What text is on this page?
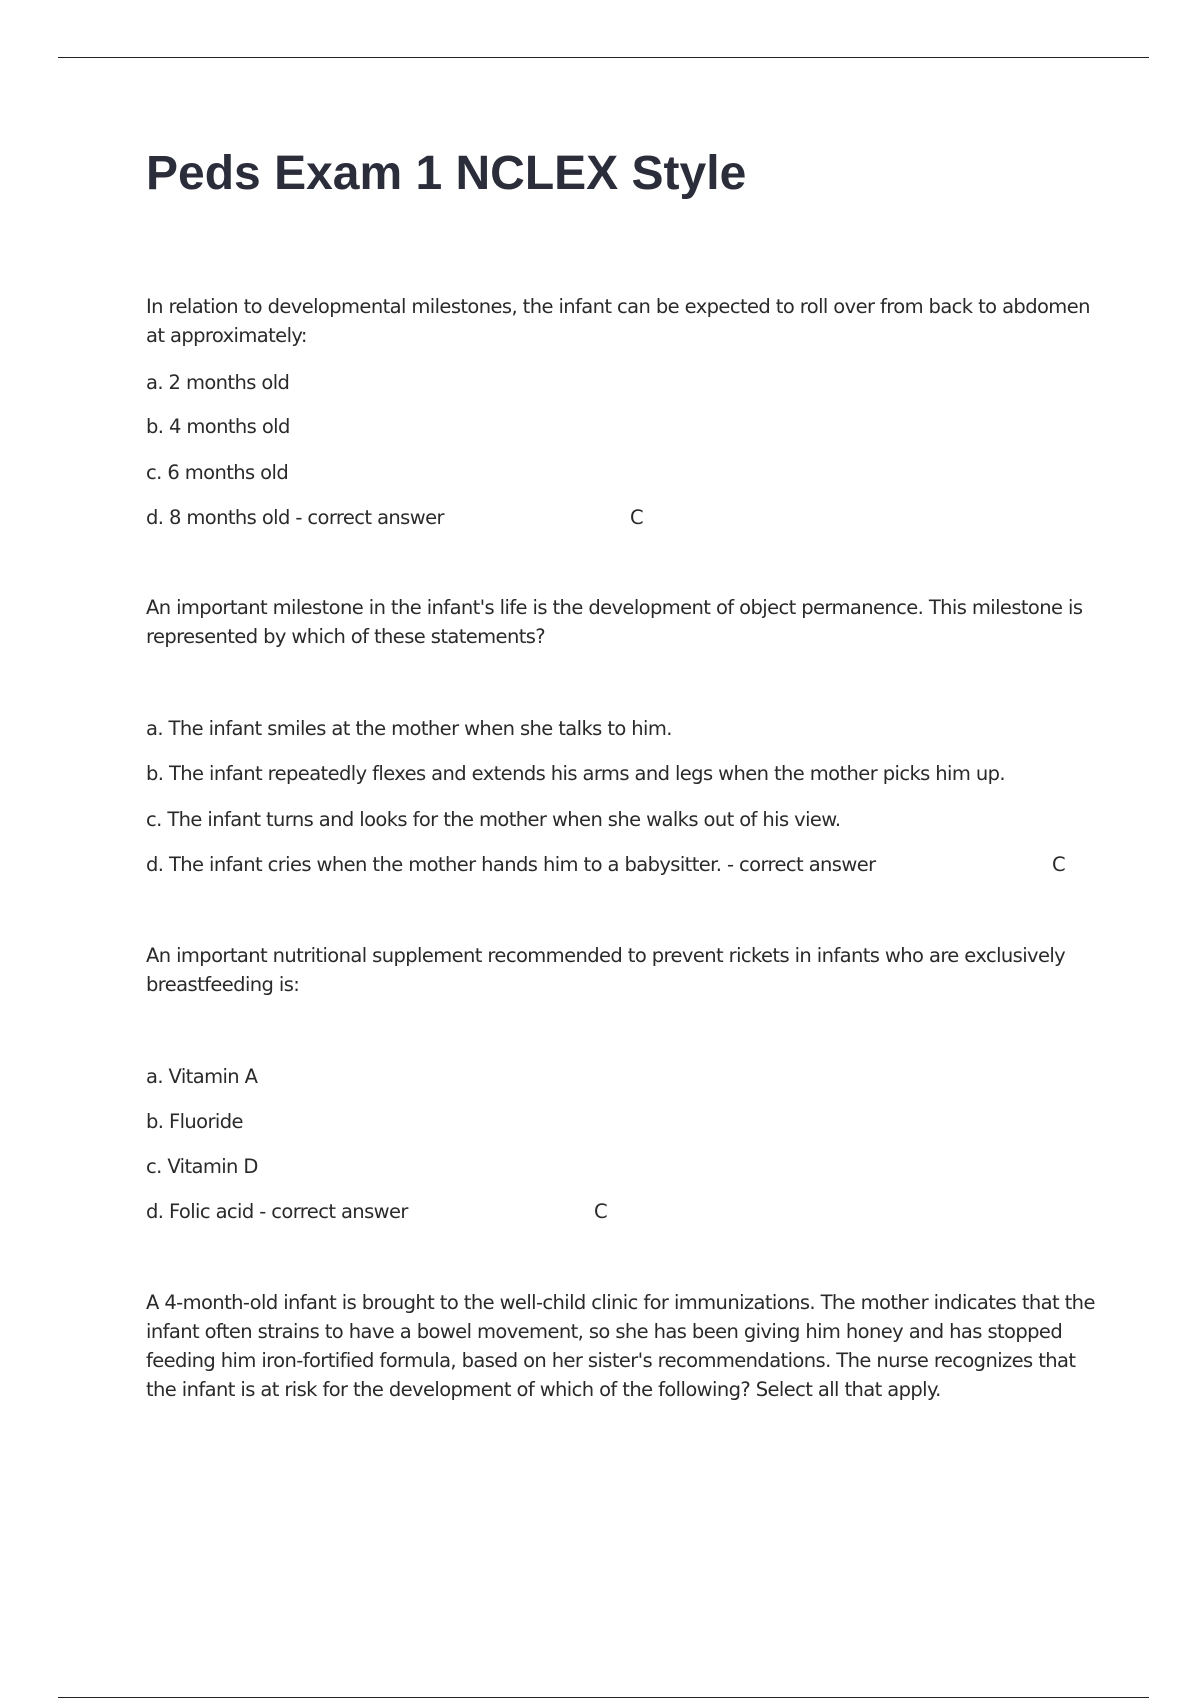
Peds Exam 1 NCLEX Style

In relation to developmental milestones, the infant can be expected to roll over from back to abdomen at approximately:

a. 2 months old

b. 4 months old

c. 6 months old

d. 8 months old - correct answer	C

An important milestone in the infant's life is the development of object permanence. This milestone is represented by which of these statements?

a. The infant smiles at the mother when she talks to him.

b. The infant repeatedly flexes and extends his arms and legs when the mother picks him up.

c. The infant turns and looks for the mother when she walks out of his view.

d. The infant cries when the mother hands him to a babysitter. - correct answer	C

An important nutritional supplement recommended to prevent rickets in infants who are exclusively breastfeeding is:

a. Vitamin A

b. Fluoride

c. Vitamin D

d. Folic acid - correct answer	C

A 4-month-old infant is brought to the well-child clinic for immunizations. The mother indicates that the infant often strains to have a bowel movement, so she has been giving him honey and has stopped feeding him iron-fortified formula, based on her sister's recommendations. The nurse recognizes that the infant is at risk for the development of which of the following? Select all that apply.
